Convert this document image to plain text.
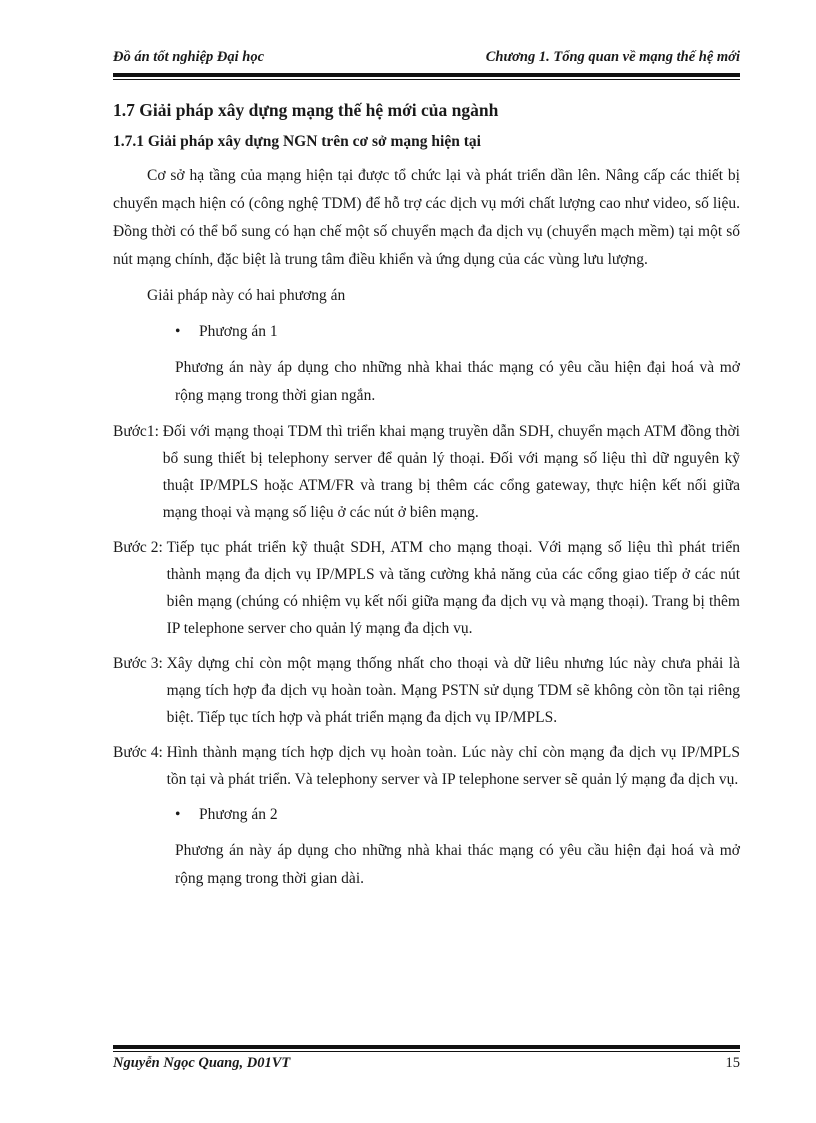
Đồ án tốt nghiệp Đại học	Chương 1. Tổng quan về mạng thế hệ mới
1.7 Giải pháp xây dựng mạng thế hệ mới của ngành
1.7.1 Giải pháp xây dựng NGN trên cơ sở mạng hiện tại

Cơ sở hạ tầng của mạng hiện tại được tổ chức lại và phát triển dần lên. Nâng cấp các thiết bị chuyển mạch hiện có (công nghệ TDM) để hỗ trợ các dịch vụ mới chất lượng cao như video, số liệu. Đồng thời có thể bổ sung có hạn chế một số chuyển mạch đa dịch vụ (chuyển mạch mềm) tại một số nút mạng chính, đặc biệt là trung tâm điều khiển và ứng dụng của các vùng lưu lượng.

Giải pháp này có hai phương án

• Phương án 1

Phương án này áp dụng cho những nhà khai thác mạng có yêu cầu hiện đại hoá và mở rộng mạng trong thời gian ngắn.

Bước1: Đối với mạng thoại TDM thì triển khai mạng truyền dẫn SDH, chuyển mạch ATM đồng thời bổ sung thiết bị telephony server để quản lý thoại. Đối với mạng số liệu thì dữ nguyên kỹ thuật IP/MPLS hoặc ATM/FR và trang bị thêm các cổng gateway, thực hiện kết nối giữa mạng thoại và mạng số liệu ở các nút ở biên mạng.
Bước 2: Tiếp tục phát triển kỹ thuật SDH, ATM cho mạng thoại. Với mạng số liệu thì phát triển thành mạng đa dịch vụ IP/MPLS và tăng cường khả năng của các cổng giao tiếp ở các nút biên mạng (chúng có nhiệm vụ kết nối giữa mạng đa dịch vụ và mạng thoại). Trang bị thêm IP telephone server cho quản lý mạng đa dịch vụ.
Bước 3: Xây dựng chỉ còn một mạng thống nhất cho thoại và dữ liêu nhưng lúc này chưa phải là mạng tích hợp đa dịch vụ hoàn toàn. Mạng PSTN sử dụng TDM sẽ không còn tồn tại riêng biệt. Tiếp tục tích hợp và phát triển mạng đa dịch vụ IP/MPLS.
Bước 4: Hình thành mạng tích hợp dịch vụ hoàn toàn. Lúc này chỉ còn mạng đa dịch vụ IP/MPLS tồn tại và phát triển. Và telephony server và IP telephone server sẽ quản lý mạng đa dịch vụ.
• Phương án 2

Phương án này áp dụng cho những nhà khai thác mạng có yêu cầu hiện đại hoá và mở rộng mạng trong thời gian dài.

Nguyễn Ngọc Quang, D01VT	15
